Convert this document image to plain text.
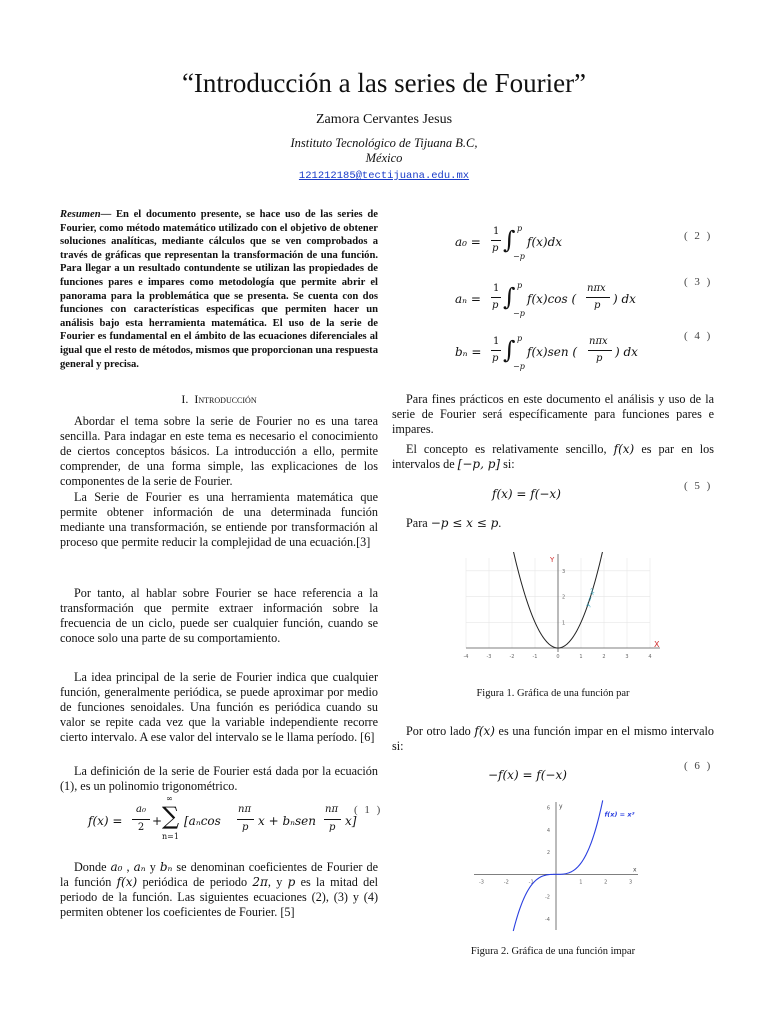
“Introducción a las series de Fourier”
Zamora Cervantes Jesus
Instituto Tecnológico de Tijuana B.C,
México
121212185@tectijuana.edu.mx
Resumen— En el documento presente, se hace uso de las series de Fourier, como método matemático utilizado con el objetivo de obtener soluciones analíticas, mediante cálculos que se ven comprobados a través de gráficas que representan la transformación de una función. Para llegar a un resultado contundente se utilizan las propiedades de funciones pares e impares como metodología que permite abrir el panorama para la problemática que se presenta. Se cuenta con dos funciones con características especificas que permiten hacer un análisis bajo esta herramienta matemática. El uso de la serie de Fourier es fundamental en el ámbito de las ecuaciones diferenciales al igual que el resto de métodos, mismos que proporcionan una respuesta general y precisa.
I. Introducción
Abordar el tema sobre la serie de Fourier no es una tarea sencilla. Para indagar en este tema es necesario el conocimiento de ciertos conceptos básicos. La introducción a ello, permite comprender, de una forma simple, las explicaciones de los componentes de la serie de Fourier.
La Serie de Fourier es una herramienta matemática que permite obtener información de una determinada función mediante una transformación, se entiende por transformación al proceso que permite reducir la complejidad de una ecuación.[3]
Por tanto, al hablar sobre Fourier se hace referencia a la transformación que permite extraer información sobre la frecuencia de un ciclo, puede ser cualquier función, cuando se conoce solo una parte de su comportamiento.
La idea principal de la serie de Fourier indica que cualquier función, generalmente periódica, se puede aproximar por medio de funciones senoidales. Una función es periódica cuando su valor se repite cada vez que la variable independiente recorre cierto intervalo. A ese valor del intervalo se le llama período. [6]
La definición de la serie de Fourier está dada por la ecuación (1), es un polinomio trigonométrico.
f(x) =
a₀
2 +
∞
∑
n=1
[aₙcos
nπ
p x + bₙsen
nπ
p x]
( 1 )
Donde a₀ , aₙ y bₙ se denominan coeficientes de Fourier de la función f(x) periódica de periodo 2π, y p es la mitad del periodo de la función. Las siguientes ecuaciones (2), (3) y (4) permiten obtener los coeficientes de Fourier. [5]
a₀ =
1
p ∫ p
−p
f(x)dx	( 2 )
aₙ =
1
p ∫ p
−p
f(x)cos (
nπx
p ) dx
( 3 )
bₙ =
1
p ∫ p
−p
f(x)sen (
nπx
p ) dx
( 4 )
Para fines prácticos en este documento el análisis y uso de la serie de Fourier será específicamente para funciones pares e impares.
El concepto es relativamente sencillo, f(x) es par en los intervalos de [−p, p] si:
f(x) = f(−x)
( 5 )
Para −p ≤ x ≤ p.
-4	-3	-2	-1	0	1	2	3	4
1
2
3
X
Y
y = x²
Figura 1. Gráfica de una función par
Por otro lado f(x) es una función impar en el mismo intervalo si:
−f(x) = f(−x)
( 6 )
-3	-2	-1	1	2	3
6
4
2
-2
-4
x
y
f(x) = x³
Figura 2. Gráfica de una función impar
